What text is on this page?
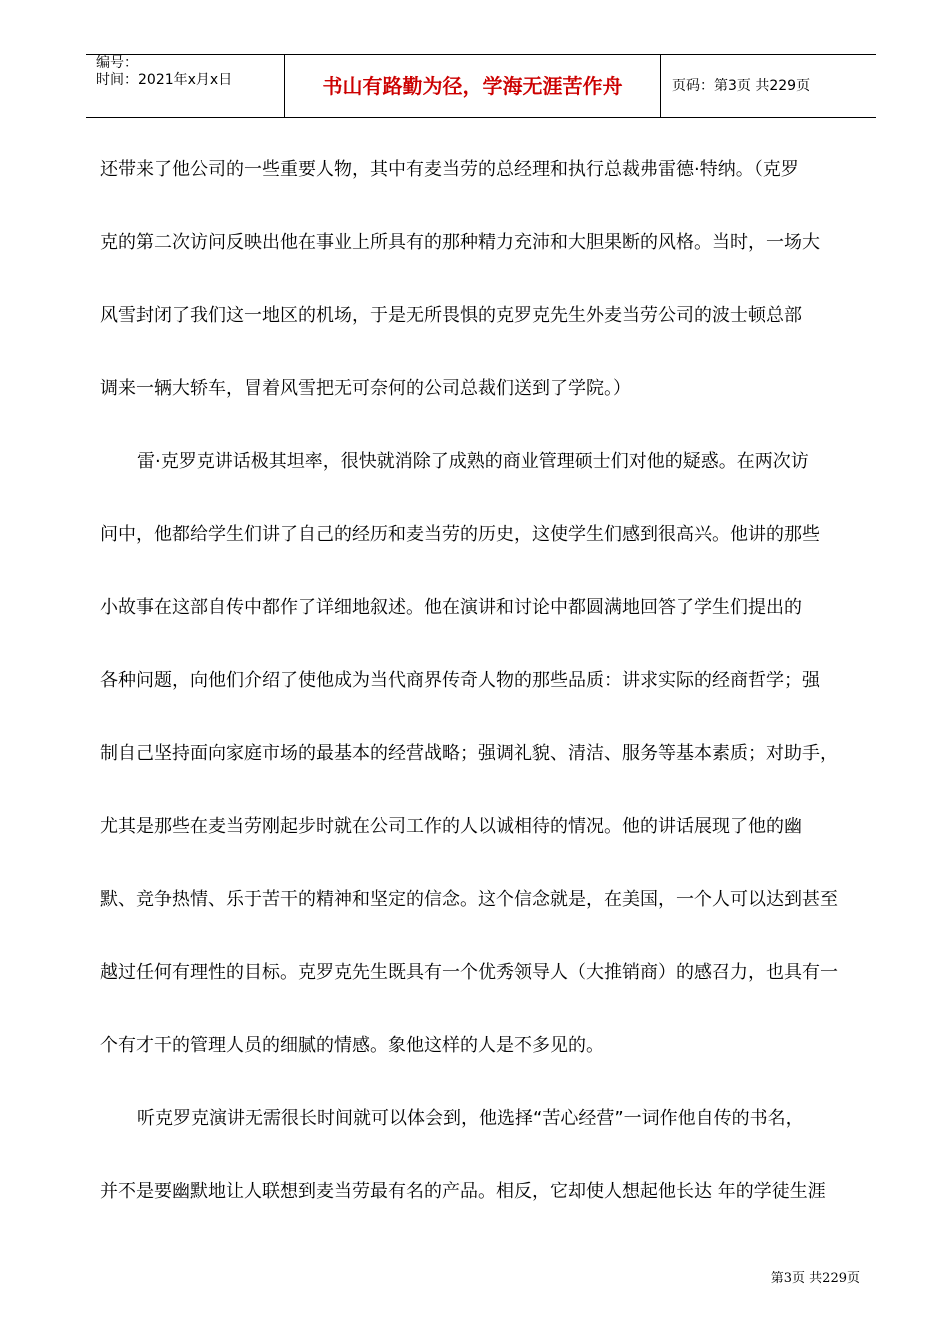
编号：
时间：2021年x月x日	书山有路勤为径，学海无涯苦作舟	页码：第3页 共229页
还带来了他公司的一些重要人物，其中有麦当劳的总经理和执行总裁弗雷德·特纳。（克罗
克的第二次访问反映出他在事业上所具有的那种精力充沛和大胆果断的风格。当时，一场大
风雪封闭了我们这一地区的机场，于是无所畏惧的克罗克先生外麦当劳公司的波士顿总部
调来一辆大轿车，冒着风雪把无可奈何的公司总裁们送到了学院。）
雷·克罗克讲话极其坦率，很快就消除了成熟的商业管理硕士们对他的疑惑。在两次访
问中，他都给学生们讲了自己的经历和麦当劳的历史，这使学生们感到很高兴。他讲的那些
小故事在这部自传中都作了详细地叙述。他在演讲和讨论中都圆满地回答了学生们提出的
各种问题，向他们介绍了使他成为当代商界传奇人物的那些品质：讲求实际的经商哲学；强
制自己坚持面向家庭市场的最基本的经营战略；强调礼貌、清洁、服务等基本素质；对助手，
尤其是那些在麦当劳刚起步时就在公司工作的人以诚相待的情况。他的讲话展现了他的幽
默、竞争热情、乐于苦干的精神和坚定的信念。这个信念就是，在美国，一个人可以达到甚至
越过任何有理性的目标。克罗克先生既具有一个优秀领导人（大推销商）的感召力，也具有一
个有才干的管理人员的细腻的情感。象他这样的人是不多见的。
听克罗克演讲无需很长时间就可以体会到，他选择“苦心经营”一词作他自传的书名，
并不是要幽默地让人联想到麦当劳最有名的产品。相反，它却使人想起他长达 年的学徒生涯
第3页 共229页
